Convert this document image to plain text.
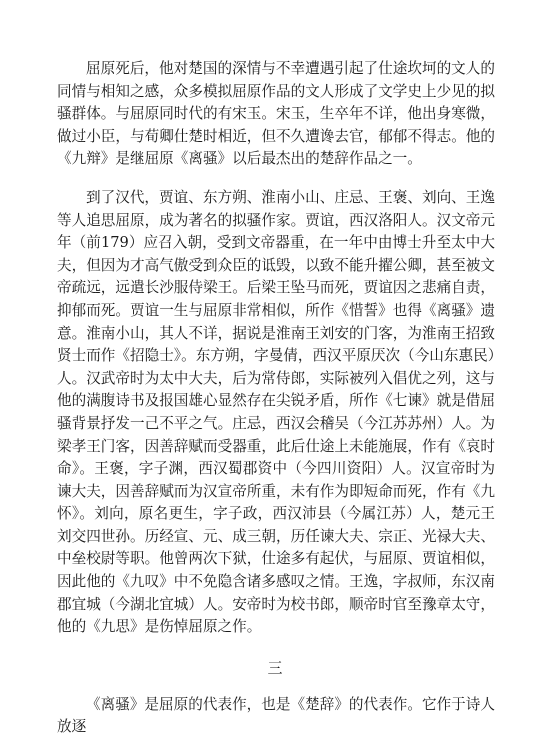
屈原死后，他对楚国的深情与不幸遭遇引起了仕途坎坷的文人的同情与相知之感，众多模拟屈原作品的文人形成了文学史上少见的拟骚群体。与屈原同时代的有宋玉。宋玉，生卒年不详，他出身寒微，做过小臣，与荀卿仕楚时相近，但不久遭谗去官，郁郁不得志。他的《九辩》是继屈原《离骚》以后最杰出的楚辞作品之一。

到了汉代，贾谊、东方朔、淮南小山、庄忌、王褒、刘向、王逸等人追思屈原，成为著名的拟骚作家。贾谊，西汉洛阳人。汉文帝元年（前179）应召入朝，受到文帝器重，在一年中由博士升至太中大夫，但因为才高气傲受到众臣的诋毁，以致不能升擢公卿，甚至被文帝疏远，远遣长沙服侍梁王。后梁王坠马而死，贾谊因之悲痛自责，抑郁而死。贾谊一生与屈原非常相似，所作《惜誓》也得《离骚》遗意。淮南小山，其人不详，据说是淮南王刘安的门客，为淮南王招致贤士而作《招隐士》。东方朔，字曼倩，西汉平原厌次（今山东惠民）人。汉武帝时为太中大夫，后为常侍郎，实际被列入倡优之列，这与他的满腹诗书及报国雄心显然存在尖锐矛盾，所作《七谏》就是借屈骚背景抒发一己不平之气。庄忌，西汉会稽吴（今江苏苏州）人。为梁孝王门客，因善辞赋而受器重，此后仕途上未能施展，作有《哀时命》。王褒，字子渊，西汉蜀郡资中（今四川资阳）人。汉宣帝时为谏大夫，因善辞赋而为汉宣帝所重，未有作为即短命而死，作有《九怀》。刘向，原名更生，字子政，西汉沛县（今属江苏）人，楚元王刘交四世孙。历经宣、元、成三朝，历任谏大夫、宗正、光禄大夫、中垒校尉等职。他曾两次下狱，仕途多有起伏，与屈原、贾谊相似，因此他的《九叹》中不免隐含诸多感叹之情。王逸，字叔师，东汉南郡宜城（今湖北宜城）人。安帝时为校书郎，顺帝时官至豫章太守，他的《九思》是伤悼屈原之作。

三

《离骚》是屈原的代表作，也是《楚辞》的代表作。它作于诗人放逐
